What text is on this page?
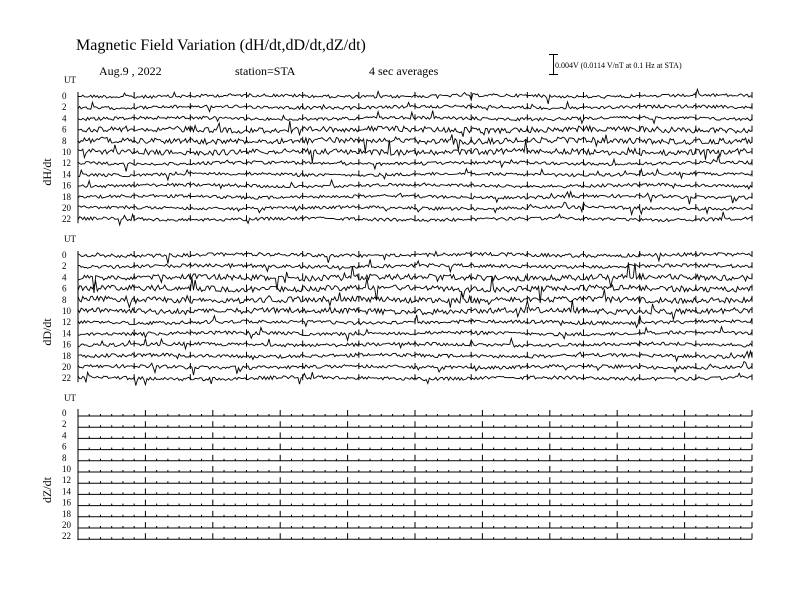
Magnetic Field Variation (dH/dt,dD/dt,dZ/dt)
Aug.9 , 2022	station=STA	4 sec averages	0.004V (0.0114 V/nT at 0.1 Hz at STA)
UT
dH/dt
0
2
4
6
8
10
12
14
16
18
20
22
UT
dD/dt
0
2
4
6
8
10
12
14
16
18
20
22
UT
dZ/dt
0
2
4
6
8
10
12
14
16
18
20
22
